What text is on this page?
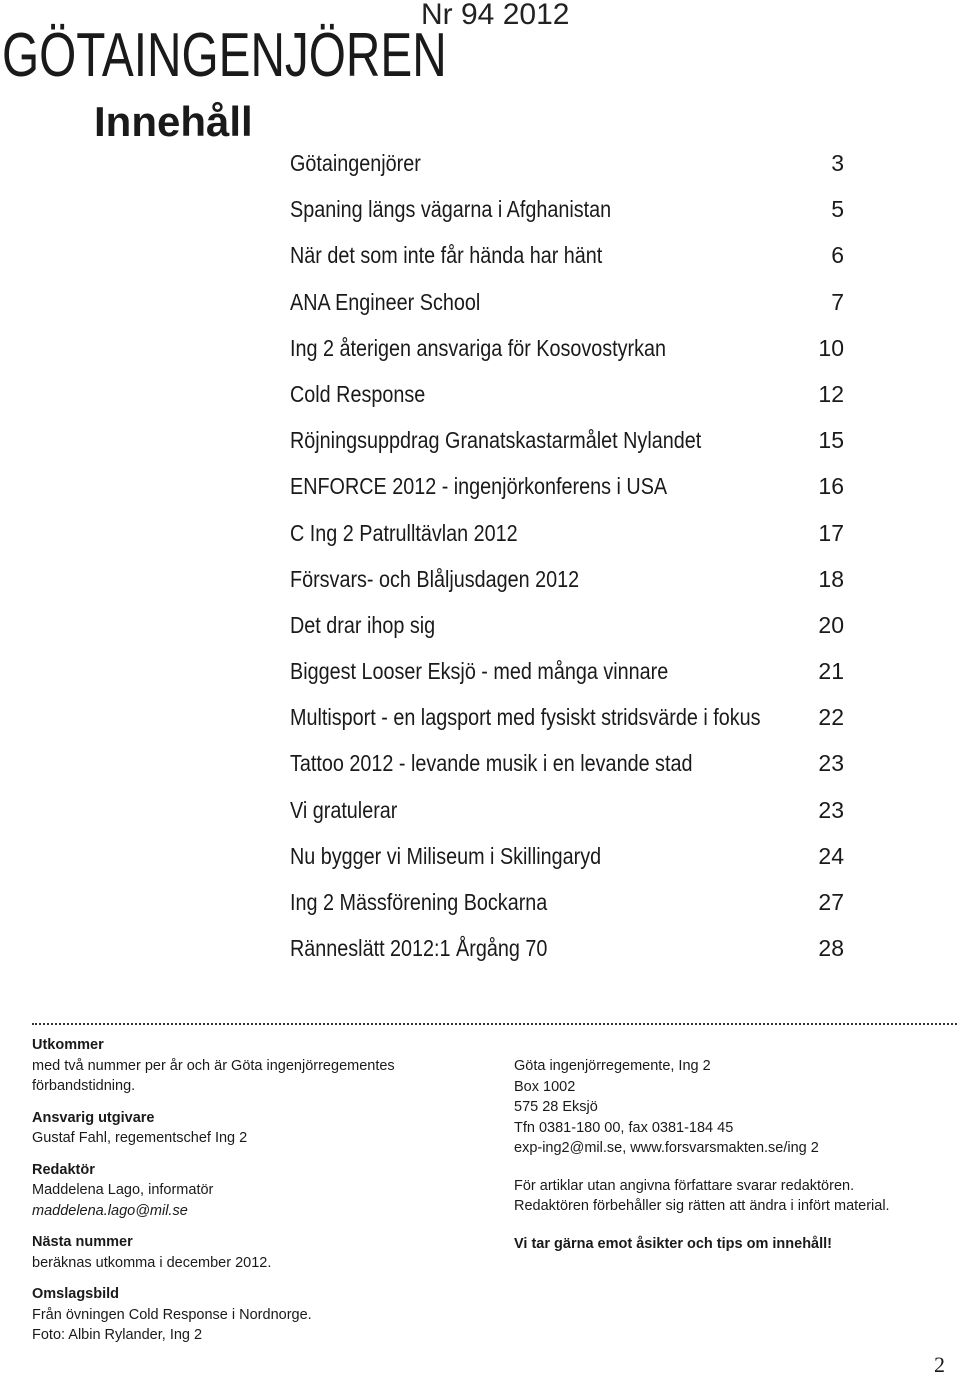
Nr 94 2012
GÖTAINGENJÖREN
Innehåll
Götaingenjörer	3
Spaning längs vägarna i Afghanistan	5
När det som inte får hända har hänt	6
ANA Engineer School	7
Ing 2 återigen ansvariga för Kosovostyrkan	10
Cold Response	12
Röjningsuppdrag Granatskastarmålet Nylandet	15
ENFORCE 2012 - ingenjörkonferens i USA	16
C Ing 2 Patrulltävlan 2012	17
Försvars- och Blåljusdagen 2012	18
Det drar ihop sig	20
Biggest Looser Eksjö - med många vinnare	21
Multisport - en lagsport med fysiskt stridsvärde i fokus	22
Tattoo 2012 - levande musik i en levande stad	23
Vi gratulerar	23
Nu bygger vi Miliseum i Skillingaryd	24
Ing 2 Mässförening Bockarna	27
Ränneslätt 2012:1 Årgång 70	28
Utkommer
med två nummer per år och är Göta ingenjörregementes förbandstidning.
Ansvarig utgivare
Gustaf Fahl, regementschef Ing 2
Redaktör
Maddelena Lago, informatör
maddelena.lago@mil.se
Nästa nummer
beräknas utkomma i december 2012.
Omslagsbild
Från övningen Cold Response i Nordnorge.
Foto: Albin Rylander, Ing 2
Göta ingenjörregemente, Ing 2
Box 1002
575 28 Eksjö
Tfn 0381-180 00, fax 0381-184 45
exp-ing2@mil.se, www.forsvarsmakten.se/ing 2
För artiklar utan angivna författare svarar redaktören.
Redaktören förbehåller sig rätten att ändra i infört material.
Vi tar gärna emot åsikter och tips om innehåll!
2
